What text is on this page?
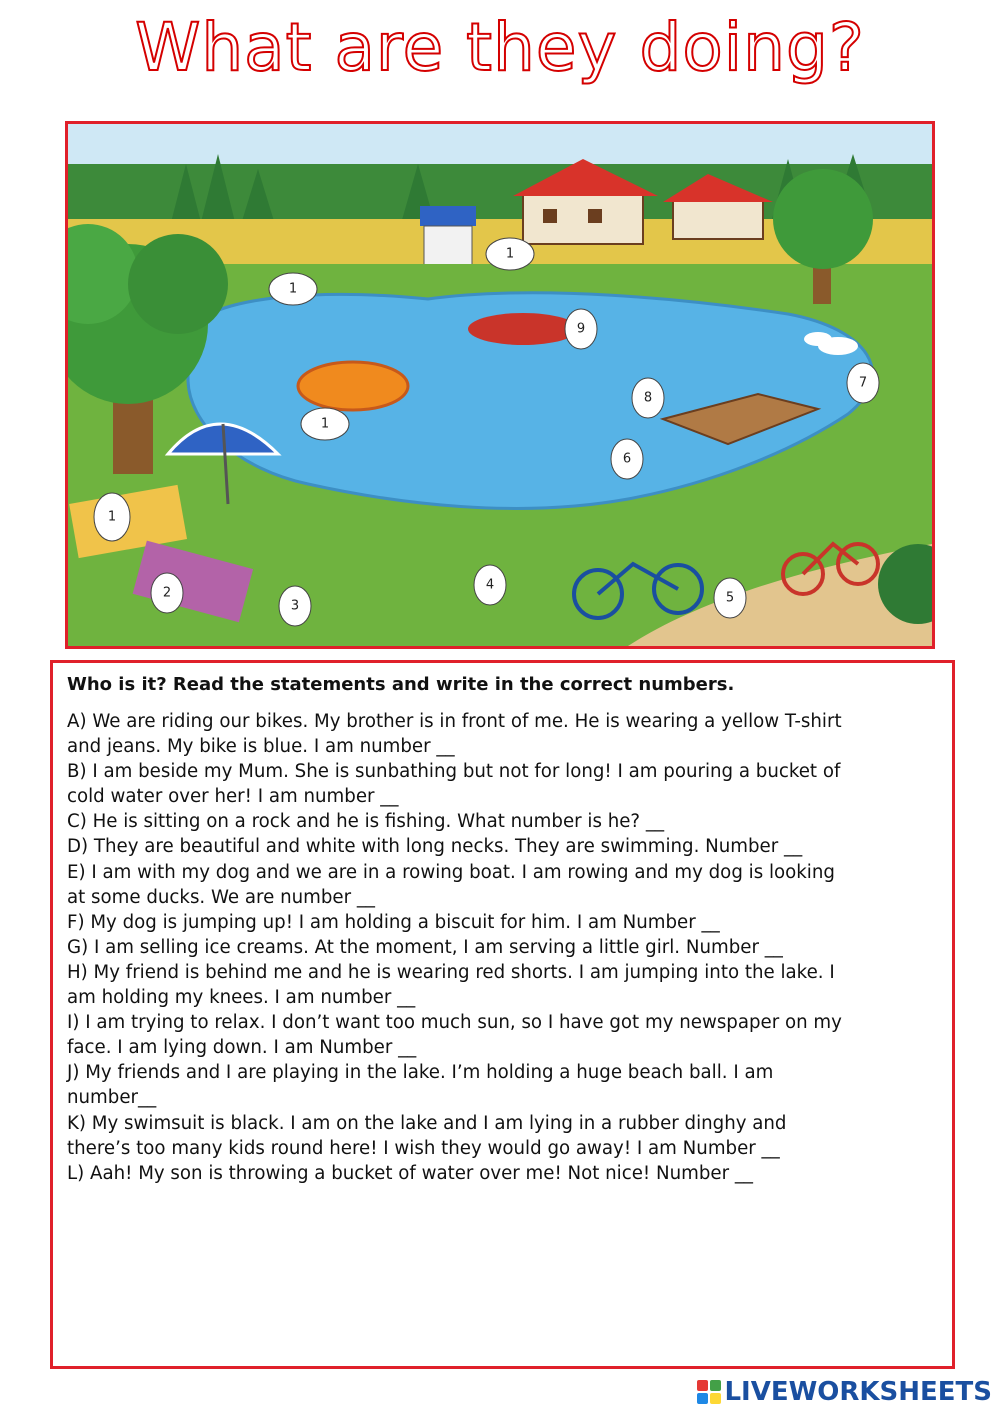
What are they doing?
1
1
1
1
2
3
4
5
6
7
8
9

Who is it? Read the statements and write in the correct numbers.

A) We are riding our bikes. My brother is in front of me. He is wearing a yellow T-shirt

and jeans. My bike is blue. I am number __

B) I am beside my Mum. She is sunbathing but not for long! I am pouring a bucket of

cold water over her! I am number __

C) He is sitting on a rock and he is fishing. What number is he? __

D) They are beautiful and white with long necks. They are swimming. Number __

E) I am with my dog and we are in a rowing boat. I am rowing and my dog is looking

at some ducks. We are number __

F) My dog is jumping up! I am holding a biscuit for him. I am Number __

G) I am selling ice creams. At the moment, I am serving a little girl. Number __

H) My friend is behind me and he is wearing red shorts. I am jumping into the lake. I

am holding my knees. I am number __

I) I am trying to relax. I don’t want too much sun, so I have got my newspaper on my

face. I am lying down. I am Number __

J) My friends and I are playing in the lake. I’m holding a huge beach ball. I am

number__

K) My swimsuit is black. I am on the lake and I am lying in a rubber dinghy and

there’s too many kids round here! I wish they would go away! I am Number __

L) Aah! My son is throwing a bucket of water over me! Not nice! Number __

LIVEWORKSHEETS
